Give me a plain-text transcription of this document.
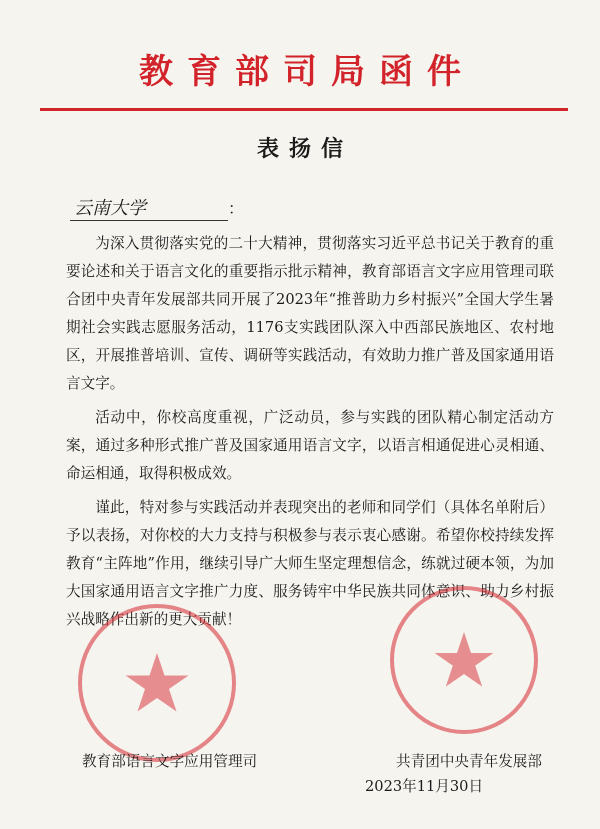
教育部司局函件
表扬信
云南大学	：

为深入贯彻落实党的二十大精神，贯彻落实习近平总书记关于教育的重要论述和关于语言文化的重要指示批示精神，教育部语言文字应用管理司联合团中央青年发展部共同开展了2023年“推普助力乡村振兴”全国大学生暑期社会实践志愿服务活动，1176支实践团队深入中西部民族地区、农村地区，开展推普培训、宣传、调研等实践活动，有效助力推广普及国家通用语言文字。

活动中，你校高度重视，广泛动员，参与实践的团队精心制定活动方案，通过多种形式推广普及国家通用语言文字，以语言相通促进心灵相通、命运相通，取得积极成效。

谨此，特对参与实践活动并表现突出的老师和同学们（具体名单附后）予以表扬，对你校的大力支持与积极参与表示衷心感谢。希望你校持续发挥教育“主阵地”作用，继续引导广大师生坚定理想信念，练就过硬本领，为加大国家通用语言文字推广力度、服务铸牢中华民族共同体意识、助力乡村振兴战略作出新的更大贡献！

教育部语言文字应用管理司	共青团中央青年发展部
2023年11月30日
